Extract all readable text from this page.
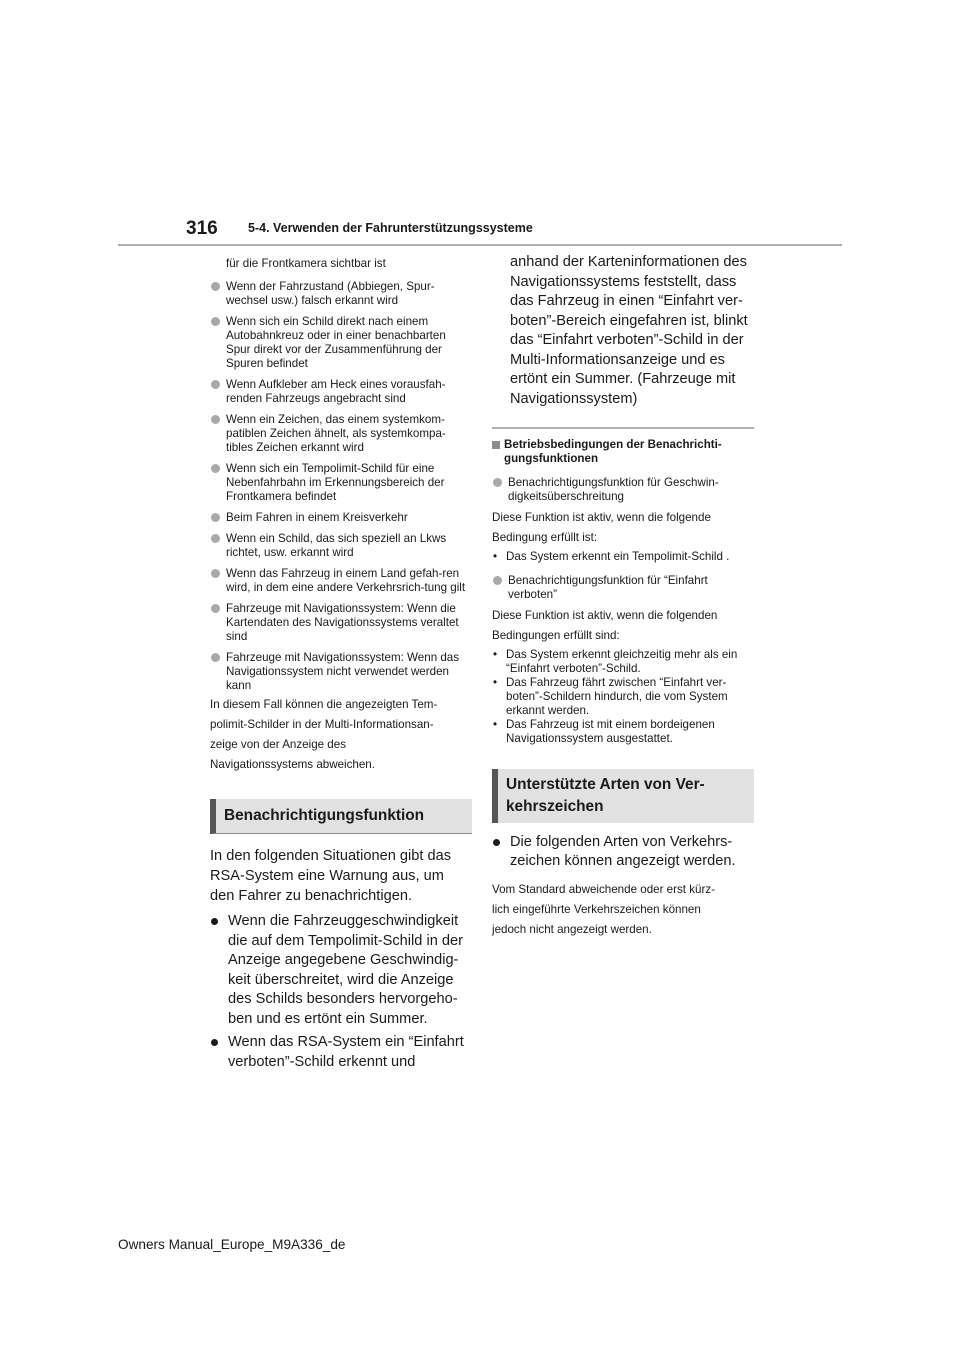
316 5-4. Verwenden der Fahrunterstützungssysteme
für die Frontkamera sichtbar ist
Wenn der Fahrzustand (Abbiegen, Spur-wechsel usw.) falsch erkannt wird
Wenn sich ein Schild direkt nach einem Autobahnkreuz oder in einer benachbarten Spur direkt vor der Zusammenführung der Spuren befindet
Wenn Aufkleber am Heck eines vorausfah-renden Fahrzeugs angebracht sind
Wenn ein Zeichen, das einem systemkom-patiblen Zeichen ähnelt, als systemkompa-tibles Zeichen erkannt wird
Wenn sich ein Tempolimit-Schild für eine Nebenfahrbahn im Erkennungsbereich der Frontkamera befindet
Beim Fahren in einem Kreisverkehr
Wenn ein Schild, das sich speziell an Lkws richtet, usw. erkannt wird
Wenn das Fahrzeug in einem Land gefah-ren wird, in dem eine andere Verkehrsrich-tung gilt
Fahrzeuge mit Navigationssystem: Wenn die Kartendaten des Navigationssystems veraltet sind
Fahrzeuge mit Navigationssystem: Wenn das Navigationssystem nicht verwendet werden kann
In diesem Fall können die angezeigten Tem-
polimit-Schilder in der Multi-Informationsan-
zeige von der Anzeige des
Navigationssystems abweichen.
Benachrichtigungsfunktion
In den folgenden Situationen gibt das
RSA-System eine Warnung aus, um
den Fahrer zu benachrichtigen.
Wenn die Fahrzeuggeschwindigkeit die auf dem Tempolimit-Schild in der Anzeige angegebene Geschwindig-keit überschreitet, wird die Anzeige des Schilds besonders hervorgeho-ben und es ertönt ein Summer.
Wenn das RSA-System ein “Einfahrt verboten”-Schild erkennt und
anhand der Karteninformationen des Navigationssystems feststellt, dass das Fahrzeug in einen “Einfahrt ver-boten”-Bereich eingefahren ist, blinkt das “Einfahrt verboten”-Schild in der Multi-Informationsanzeige und es ertönt ein Summer. (Fahrzeuge mit Navigationssystem)
Betriebsbedingungen der Benachrichti-gungsfunktionen
Benachrichtigungsfunktion für Geschwin-digkeitsüberschreitung
Diese Funktion ist aktiv, wenn die folgende
Bedingung erfüllt ist:
• Das System erkennt ein Tempolimit-Schild .
Benachrichtigungsfunktion für “Einfahrt verboten”
Diese Funktion ist aktiv, wenn die folgenden
Bedingungen erfüllt sind:
• Das System erkennt gleichzeitig mehr als ein “Einfahrt verboten”-Schild.
• Das Fahrzeug fährt zwischen “Einfahrt ver-boten”-Schildern hindurch, die vom System erkannt werden.
• Das Fahrzeug ist mit einem bordeigenen Navigationssystem ausgestattet.
Unterstützte Arten von Ver-
kehrszeichen
Die folgenden Arten von Verkehrs-zeichen können angezeigt werden.
Vom Standard abweichende oder erst kürz-
lich eingeführte Verkehrszeichen können
jedoch nicht angezeigt werden.
Owners Manual_Europe_M9A336_de
